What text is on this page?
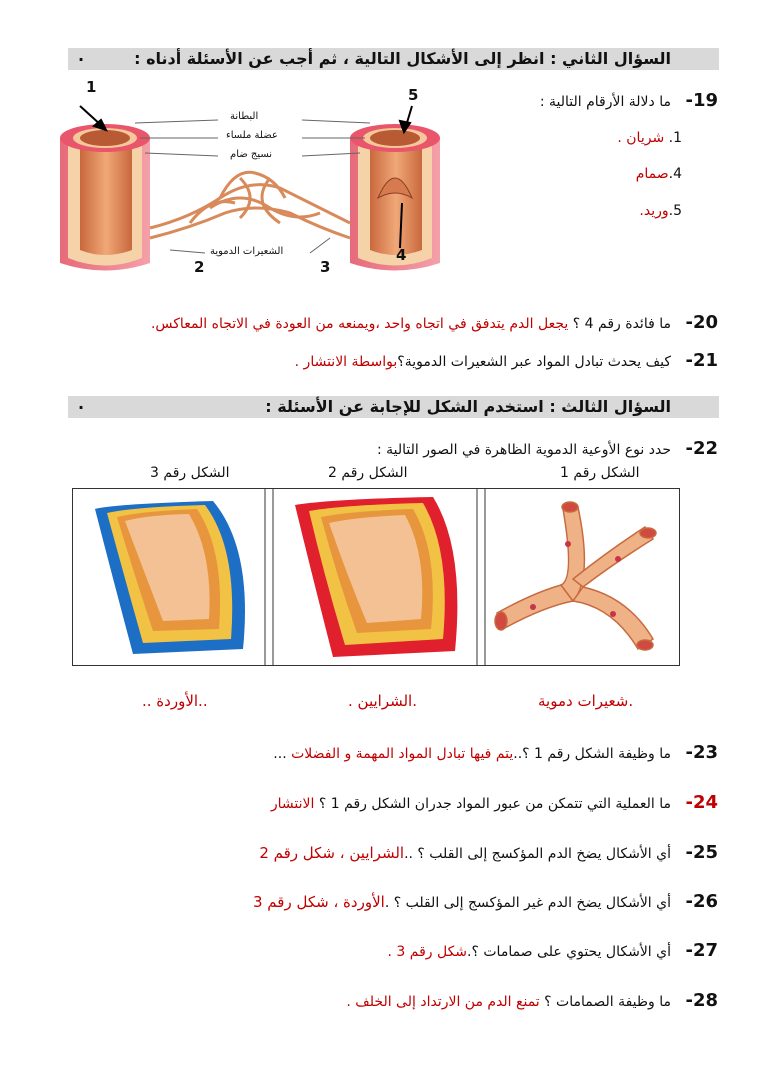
السؤال الثاني : انظر إلى الأشكال التالية ، ثم أجب عن الأسئلة أدناه :
.
1	5
2	3
4
البطانة
عضلة ملساء
نسيج ضام
الشعيرات الدموية
19- ما دلالة الأرقام التالية :
1. شريان .
4.صمام
5.وريد.
20- ما فائدة رقم 4 ؟ يجعل الدم يتدفق في اتجاه واحد ،ويمنعه من العودة في الاتجاه المعاكس.
21- كيف يحدث تبادل المواد عبر الشعيرات الدموية؟بواسطة الانتشار .
السؤال الثالث : استخدم الشكل للإجابة عن الأسئلة :
.
22- حدد نوع الأوعية الدموية الظاهرة في الصور التالية :
الشكل رقم 1
الشكل رقم 2
الشكل رقم 3
.شعيرات دموية
.الشرايين .
..الأوردة ..
23- ما وظيفة الشكل رقم 1 ؟..يتم فيها تبادل المواد المهمة و الفضلات ...
24- ما العملية التي تتمكن من عبور المواد جدران الشكل رقم 1 ؟ الانتشار
25- أي الأشكال يضخ الدم المؤكسج إلى القلب ؟ ..الشرايين ، شكل رقم 2
26- أي الأشكال يضخ الدم غير المؤكسج إلى القلب ؟ .الأوردة ، شكل رقم 3
27- أي الأشكال يحتوي على صمامات ؟.شكل رقم 3 .
28- ما وظيفة الصمامات ؟ تمنع الدم من الارتداد إلى الخلف .
